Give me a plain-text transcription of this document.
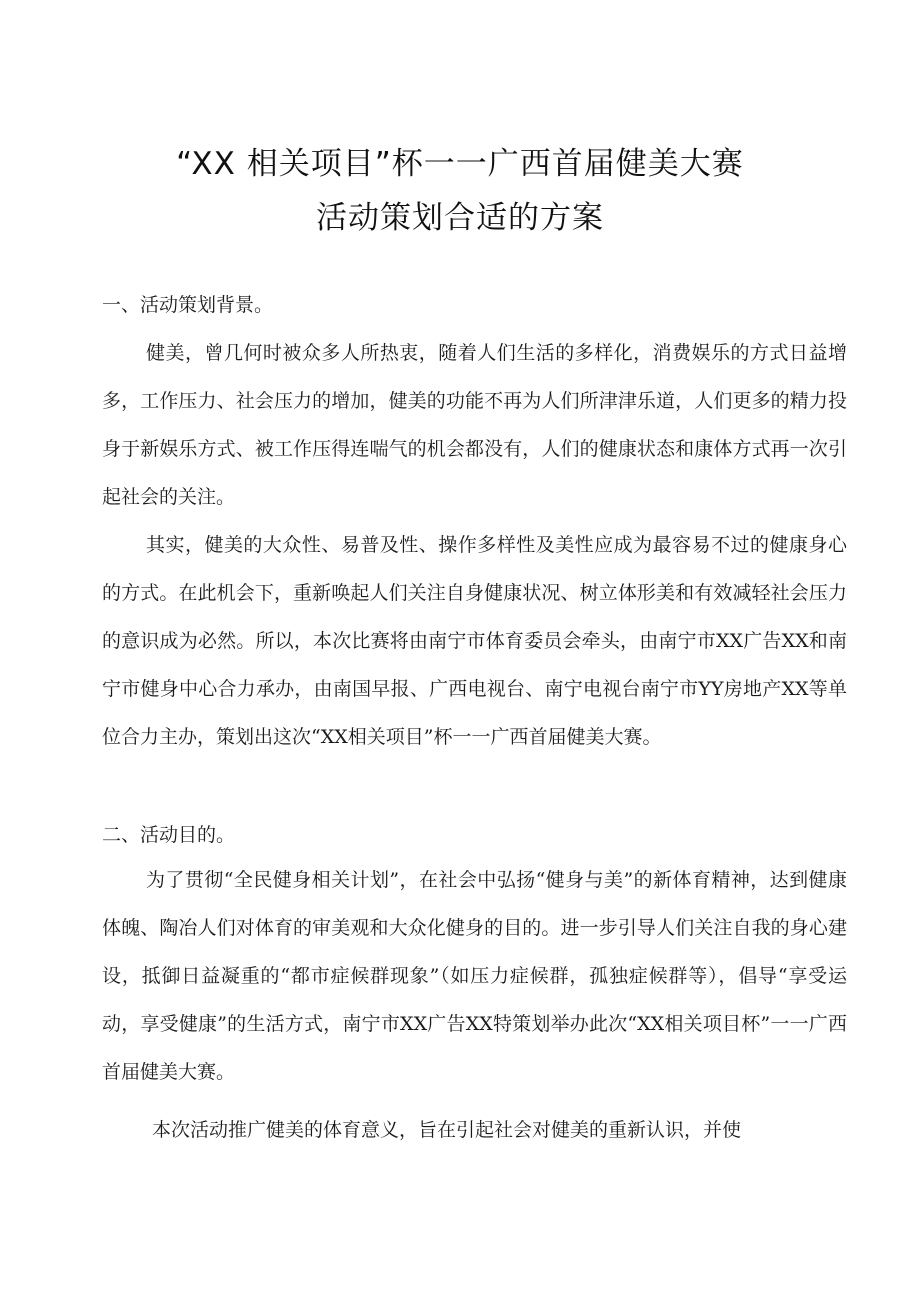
“XX 相关项目”杯一一广西首届健美大赛
活动策划合适的方案
一、活动策划背景。
健美，曾几何时被众多人所热衷，随着人们生活的多样化，消费娱乐的方式日益增多，工作压力、社会压力的增加，健美的功能不再为人们所津津乐道，人们更多的精力投身于新娱乐方式、被工作压得连喘气的机会都没有，人们的健康状态和康体方式再一次引起社会的关注。
其实，健美的大众性、易普及性、操作多样性及美性应成为最容易不过的健康身心的方式。在此机会下，重新唤起人们关注自身健康状况、树立体形美和有效减轻社会压力的意识成为必然。所以，本次比赛将由南宁市体育委员会牵头，由南宁市XX广告XX和南宁市健身中心合力承办，由南国早报、广西电视台、南宁电视台南宁市YY房地产XX等单位合力主办，策划出这次“XX相关项目”杯一一广西首届健美大赛。
二、活动目的。
为了贯彻“全民健身相关计划”，在社会中弘扬“健身与美”的新体育精神，达到健康体魄、陶冶人们对体育的审美观和大众化健身的目的。进一步引导人们关注自我的身心建设，抵御日益凝重的“都市症候群现象”（如压力症候群，孤独症候群等），倡导“享受运动，享受健康”的生活方式，南宁市XX广告XX特策划举办此次“XX相关项目杯”一一广西首届健美大赛。
本次活动推广健美的体育意义，旨在引起社会对健美的重新认识，并使
